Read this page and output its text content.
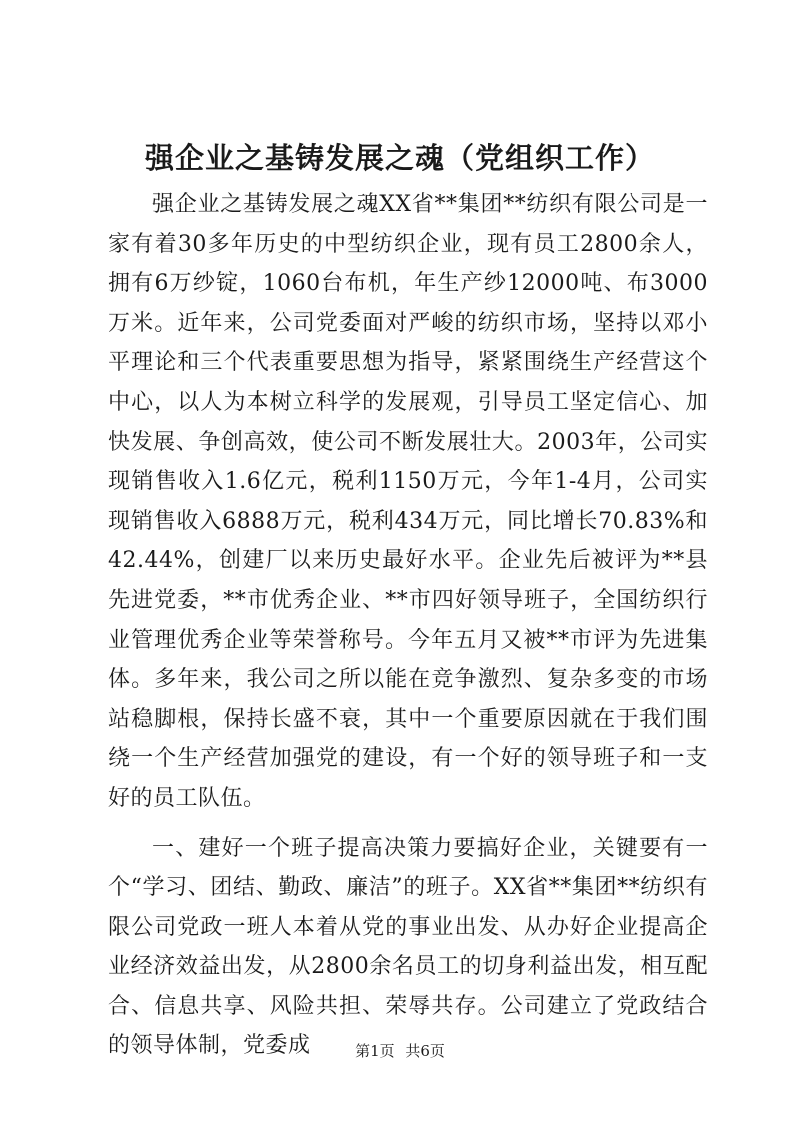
强企业之基铸发展之魂（党组织工作）

强企业之基铸发展之魂XX省**集团**纺织有限公司是一家有着30多年历史的中型纺织企业，现有员工2800余人，拥有6万纱锭，1060台布机，年生产纱12000吨、布3000万米。近年来，公司党委面对严峻的纺织市场，坚持以邓小平理论和三个代表重要思想为指导，紧紧围绕生产经营这个中心，以人为本树立科学的发展观，引导员工坚定信心、加快发展、争创高效，使公司不断发展壮大。2003年，公司实现销售收入1.6亿元，税利1150万元，今年1-4月，公司实现销售收入6888万元，税利434万元，同比增长70.83%和42.44%，创建厂以来历史最好水平。企业先后被评为**县先进党委，**市优秀企业、**市四好领导班子，全国纺织行业管理优秀企业等荣誉称号。今年五月又被**市评为先进集体。多年来，我公司之所以能在竞争激烈、复杂多变的市场站稳脚根，保持长盛不衰，其中一个重要原因就在于我们围绕一个生产经营加强党的建设，有一个好的领导班子和一支好的员工队伍。

一、建好一个班子提高决策力要搞好企业，关键要有一个“学习、团结、勤政、廉洁”的班子。XX省**集团**纺织有限公司党政一班人本着从党的事业出发、从办好企业提高企业经济效益出发，从2800余名员工的切身利益出发，相互配合、信息共享、风险共担、荣辱共存。公司建立了党政结合的领导体制，党委成	第1页 共6页
